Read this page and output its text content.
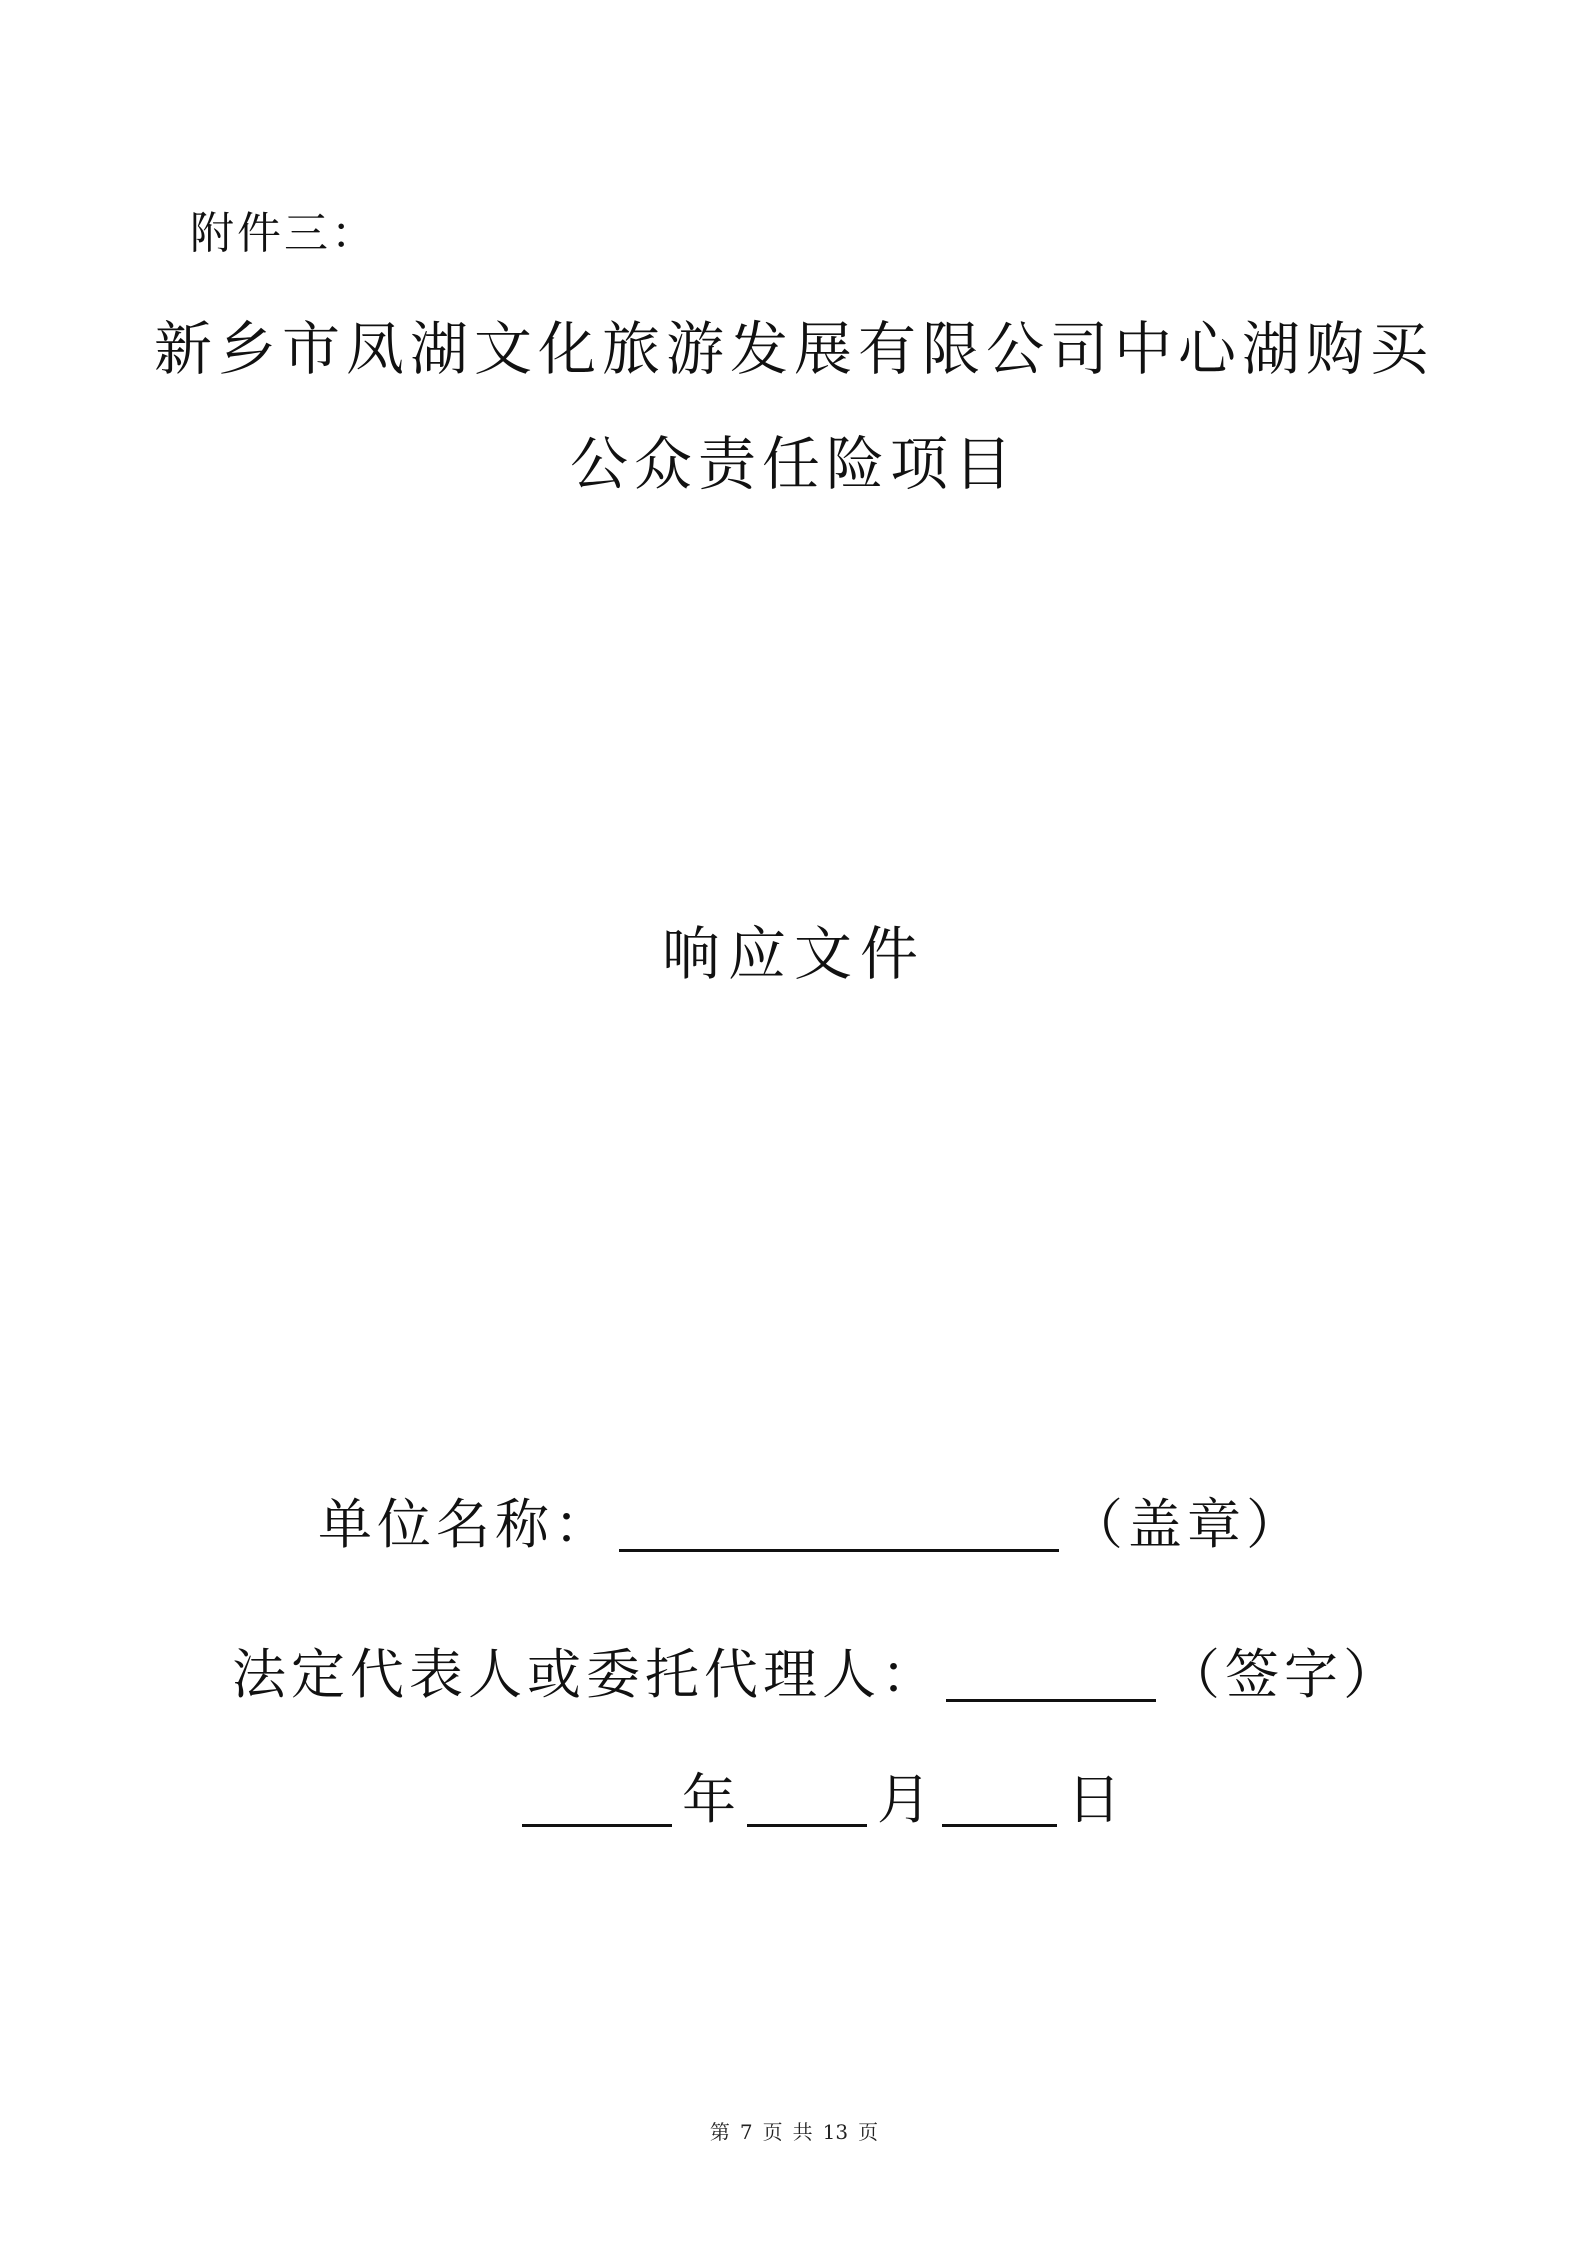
附件三：
新乡市凤湖文化旅游发展有限公司中心湖购买
公众责任险项目
响应文件
单位名称：	（盖章）
法定代表人或委托代理人：	（签字）
年	月 日
第 7 页 共 13 页
